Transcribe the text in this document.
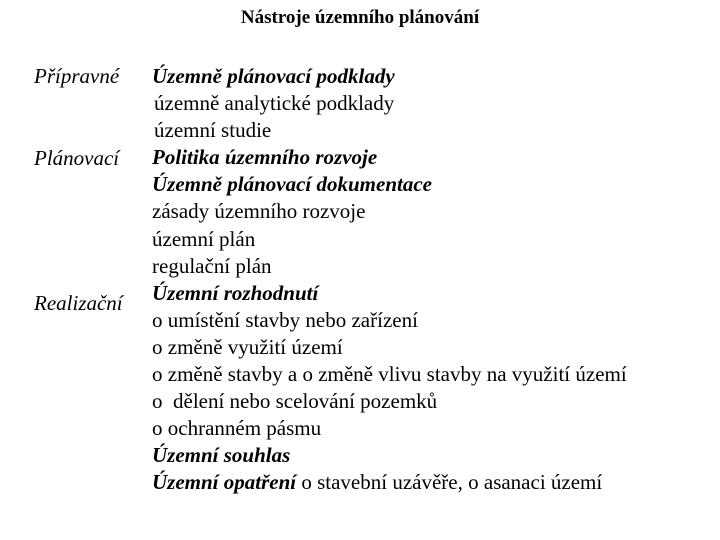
Nástroje územního plánování
Přípravné
Plánovací
Realizační
Územně plánovací podklady
územně analytické podklady
územní studie
Politika územního rozvoje
Územně plánovací dokumentace
zásady územního rozvoje
územní plán
regulační plán
Územní rozhodnutí
o umístění stavby nebo zařízení
o změně využití území
o změně stavby a o změně vlivu stavby na využití území
o  dělení nebo scelování pozemků
o ochranném pásmu
Územní souhlas
Územní opatření o stavební uzávěře, o asanaci území
